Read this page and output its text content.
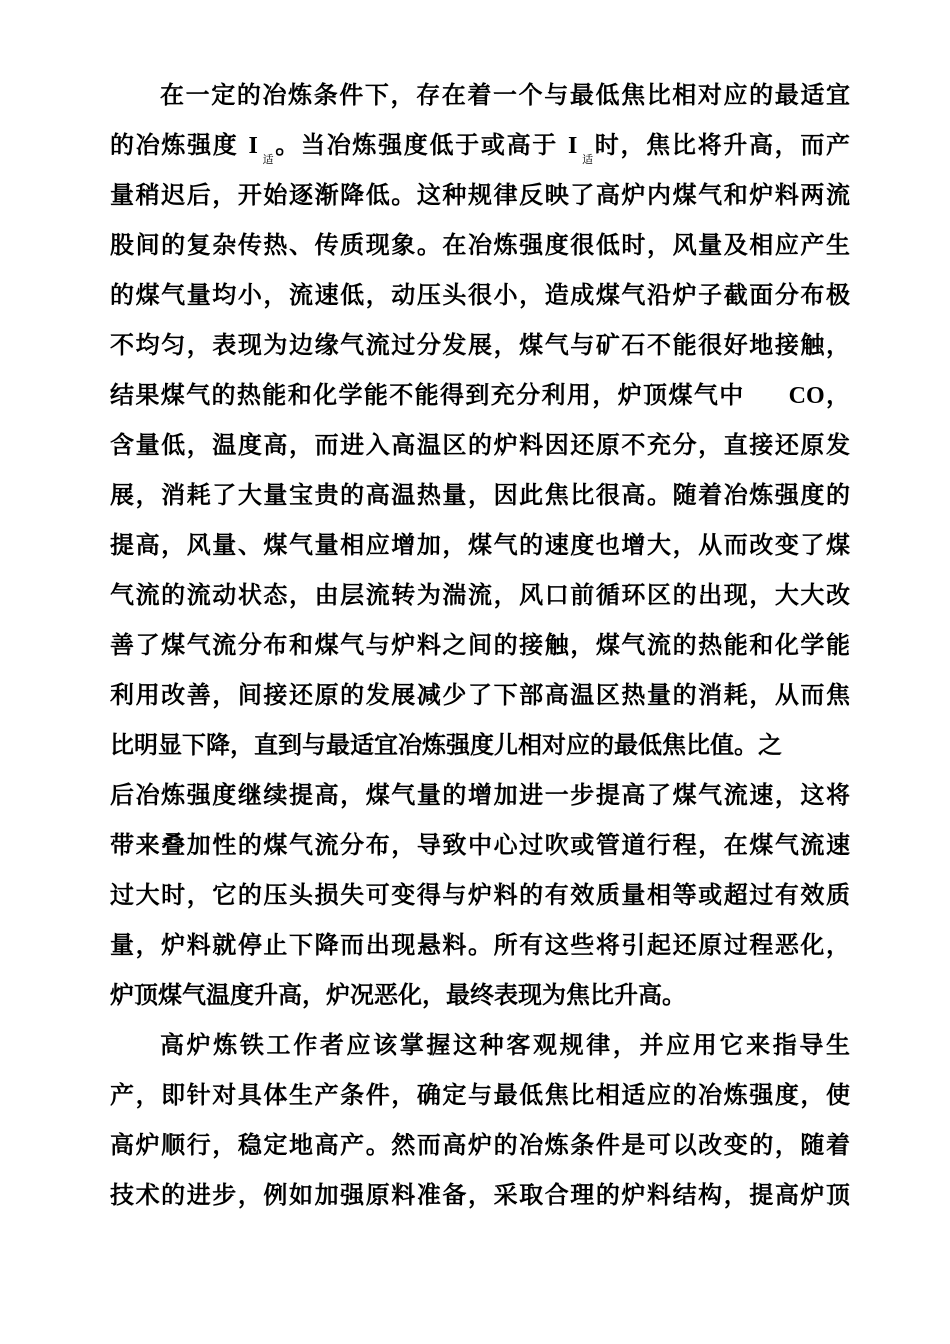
在一定的冶炼条件下，存在着一个与最低焦比相对应的最适宜
的冶炼强度 $I_适$。当冶炼强度低于或高于 $I_适$时，焦比将升高，而产
量稍迟后，开始逐渐降低。这种规律反映了高炉内煤气和炉料两流
股间的复杂传热、传质现象。在冶炼强度很低时，风量及相应产生
的煤气量均小，流速低，动压头很小，造成煤气沿炉子截面分布极
不均匀，表现为边缘气流过分发展，煤气与矿石不能很好地接触，
结果煤气的热能和化学能不能得到充分利用，炉顶煤气中 CO，
含量低，温度高，而进入高温区的炉料因还原不充分，直接还原发
展，消耗了大量宝贵的高温热量，因此焦比很高。随着冶炼强度的
提高，风量、煤气量相应增加，煤气的速度也增大，从而改变了煤
气流的流动状态，由层流转为湍流，风口前循环区的出现，大大改
善了煤气流分布和煤气与炉料之间的接触，煤气流的热能和化学能
利用改善，间接还原的发展减少了下部高温区热量的消耗，从而焦
比明显下降，直到与最适宜冶炼强度儿相对应的最低焦比值。之
后冶炼强度继续提高，煤气量的增加进一步提高了煤气流速，这将
带来叠加性的煤气流分布，导致中心过吹或管道行程，在煤气流速
过大时，它的压头损失可变得与炉料的有效质量相等或超过有效质
量，炉料就停止下降而出现悬料。所有这些将引起还原过程恶化，
炉顶煤气温度升高，炉况恶化，最终表现为焦比升高。
高炉炼铁工作者应该掌握这种客观规律，并应用它来指导生
产，即针对具体生产条件，确定与最低焦比相适应的冶炼强度，使
高炉顺行，稳定地高产。然而高炉的冶炼条件是可以改变的，随着
技术的进步，例如加强原料准备，采取合理的炉料结构，提高炉顶
